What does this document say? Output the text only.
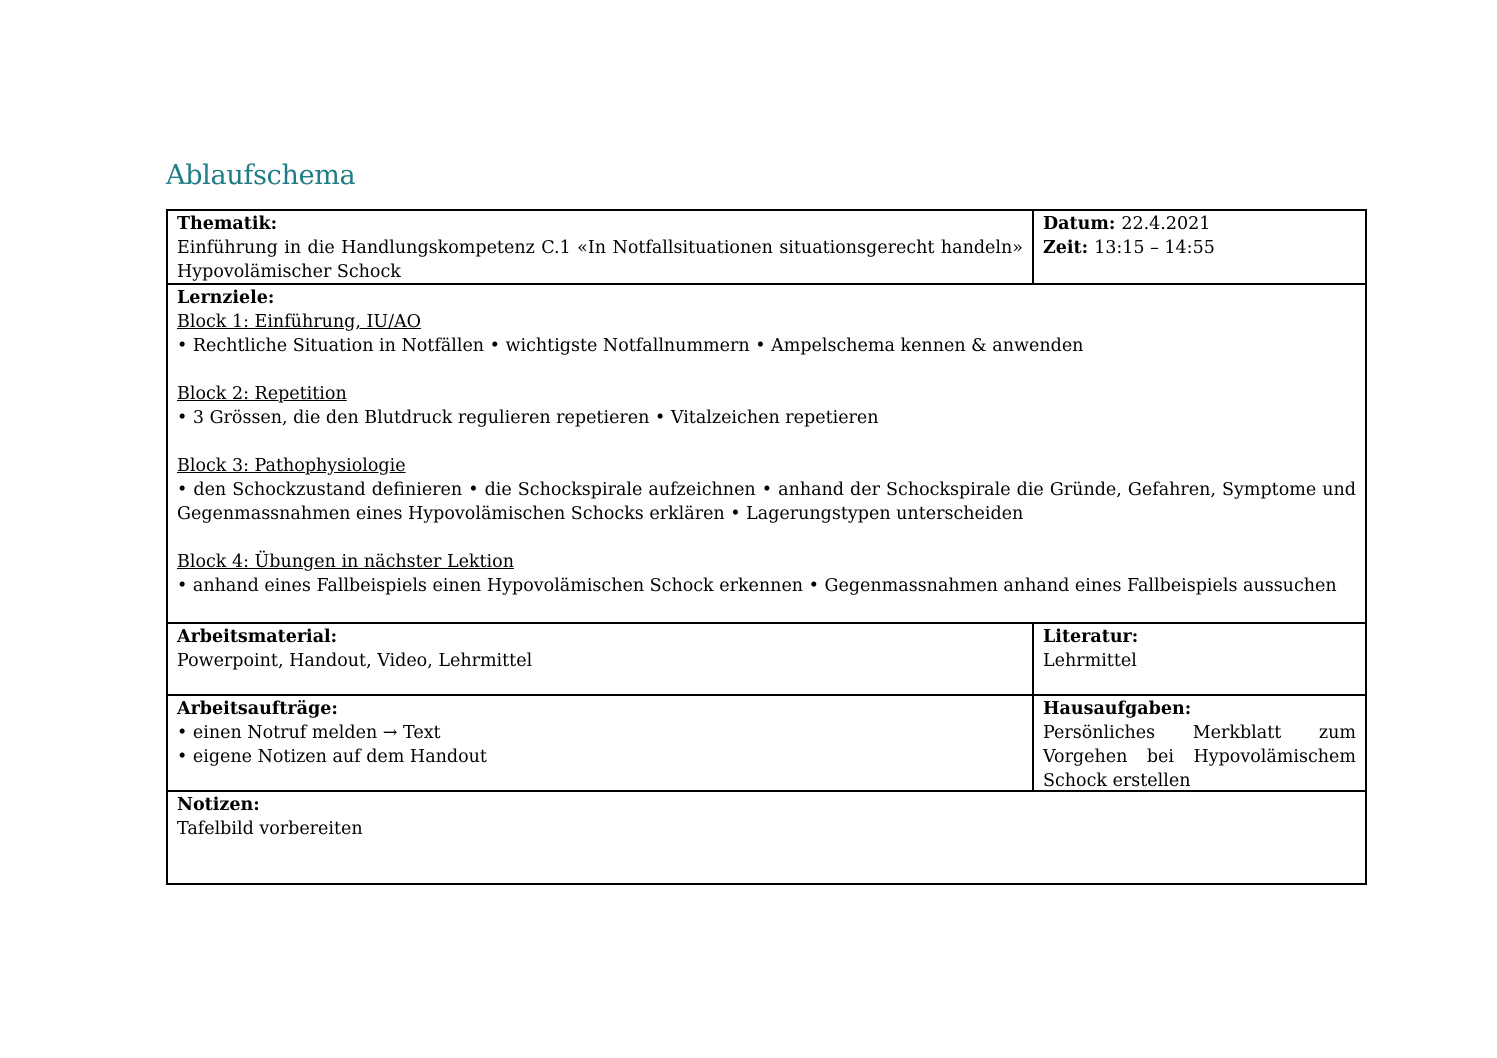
Ablaufschema
Thematik:
Einführung in die Handlungskompetenz C.1 «In Notfallsituationen situationsgerecht handeln»
Hypovolämischer Schock
Datum: 22.4.2021
Zeit: 13:15 – 14:55
Lernziele:
Block 1: Einführung, IU/AO
• Rechtliche Situation in Notfällen • wichtigste Notfallnummern • Ampelschema kennen & anwenden
Block 2: Repetition
• 3 Grössen, die den Blutdruck regulieren repetieren • Vitalzeichen repetieren
Block 3: Pathophysiologie
• den Schockzustand definieren • die Schockspirale aufzeichnen • anhand der Schockspirale die Gründe, Gefahren, Symptome und Gegenmassnahmen eines Hypovolämischen Schocks erklären • Lagerungstypen unterscheiden
Block 4: Übungen in nächster Lektion
• anhand eines Fallbeispiels einen Hypovolämischen Schock erkennen • Gegenmassnahmen anhand eines Fallbeispiels aussuchen
Arbeitsmaterial:
Powerpoint, Handout, Video, Lehrmittel
Literatur:
Lehrmittel
Arbeitsaufträge:
• einen Notruf melden → Text
• eigene Notizen auf dem Handout
Hausaufgaben:
Persönliches Merkblatt zum Vorgehen bei Hypovolämischem Schock erstellen
Notizen:
Tafelbild vorbereiten
